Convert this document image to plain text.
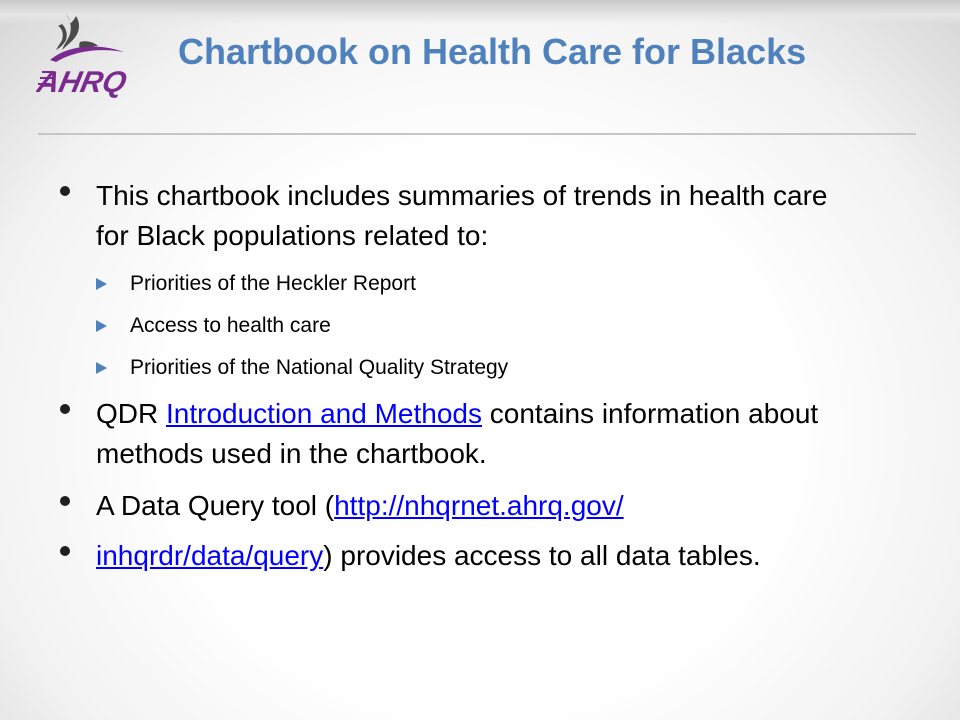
AHRQ
Chartbook on Health Care for Blacks
This chartbook includes summaries of trends in health care for Black populations related to:
Priorities of the Heckler Report
Access to health care
Priorities of the National Quality Strategy
QDR Introduction and Methods contains information about methods used in the chartbook.
A Data Query tool (http://nhqrnet.ahrq.gov/
inhqrdr/data/query) provides access to all data tables.
